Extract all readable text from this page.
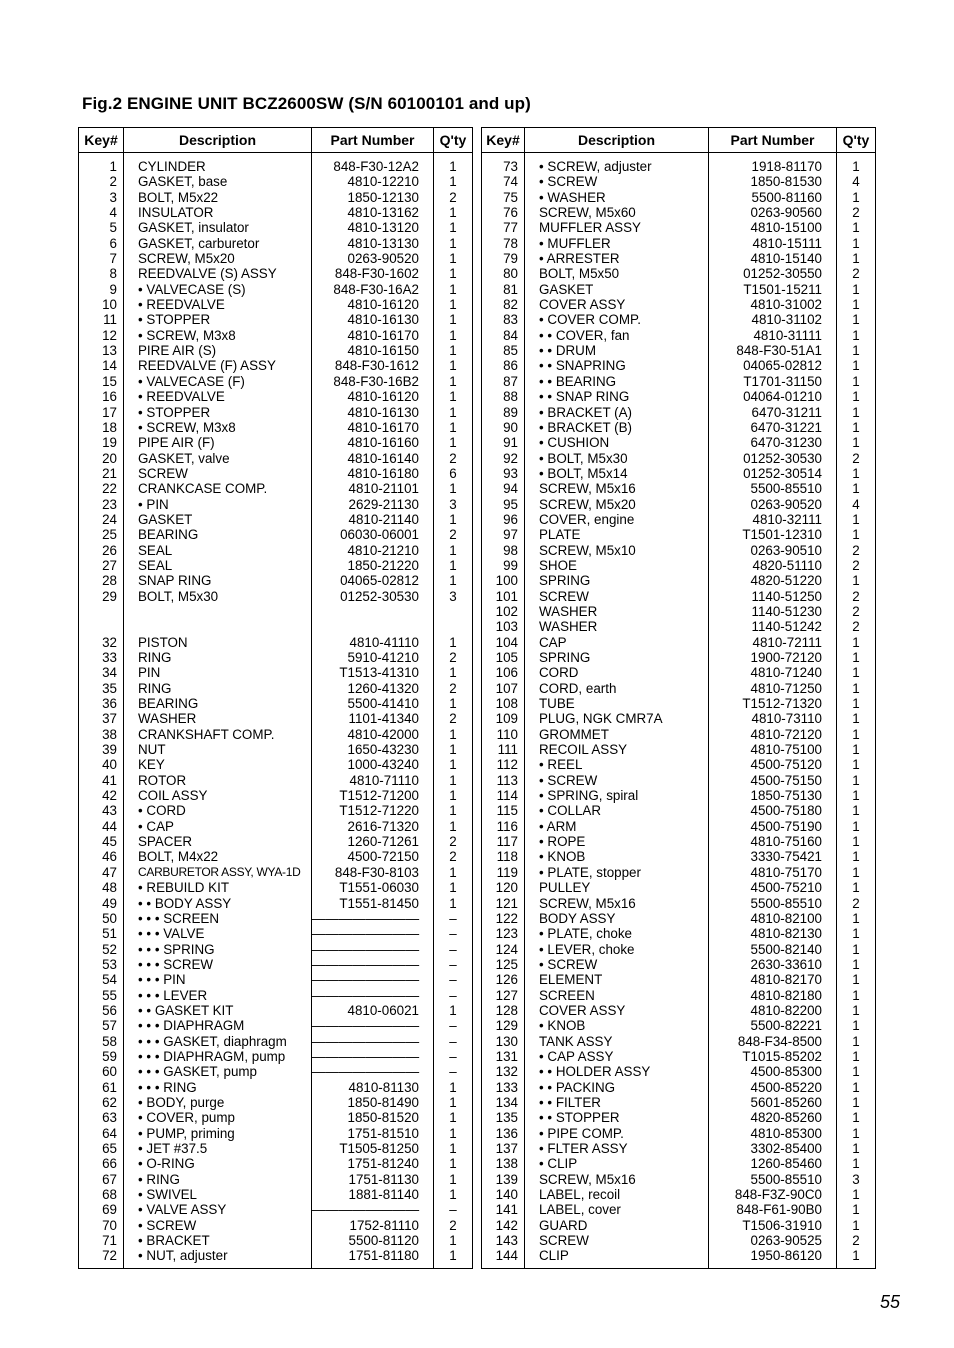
Fig.2 ENGINE UNIT BCZ2600SW (S/N 60100101 and up)
Key#	Description	Part Number	Q'ty
1	CYLINDER	848-F30-12A2	1
2	GASKET, base	4810-12210	1
3	BOLT, M5x22	1850-12130	2
4	INSULATOR	4810-13162	1
5	GASKET, insulator	4810-13120	1
6	GASKET, carburetor	4810-13130	1
7	SCREW, M5x20	0263-90520	1
8	REEDVALVE (S) ASSY	848-F30-1602	1
9	• VALVECASE (S)	848-F30-16A2	1
10	• REEDVALVE	4810-16120	1
11	• STOPPER	4810-16130	1
12	• SCREW, M3x8	4810-16170	1
13	PIRE AIR (S)	4810-16150	1
14	REEDVALVE (F) ASSY	848-F30-1612	1
15	• VALVECASE (F)	848-F30-16B2	1
16	• REEDVALVE	4810-16120	1
17	• STOPPER	4810-16130	1
18	• SCREW, M3x8	4810-16170	1
19	PIPE AIR (F)	4810-16160	1
20	GASKET, valve	4810-16140	2
21	SCREW	4810-16180	6
22	CRANKCASE COMP.	4810-21101	1
23	• PIN	2629-21130	3
24	GASKET	4810-21140	1
25	BEARING	06030-06001	2
26	SEAL	4810-21210	1
27	SEAL	1850-21220	1
28	SNAP RING	04065-02812	1
29	BOLT, M5x30	01252-30530	3

32	PISTON	4810-41110	1
33	RING	5910-41210	2
34	PIN	T1513-41310	1
35	RING	1260-41320	2
36	BEARING	5500-41410	1
37	WASHER	1101-41340	2
38	CRANKSHAFT COMP.	4810-42000	1
39	NUT	1650-43230	1
40	KEY	1000-43240	1
41	ROTOR	4810-71110	1
42	COIL ASSY	T1512-71200	1
43	• CORD	T1512-71220	1
44	• CAP	2616-71320	1
45	SPACER	1260-71261	2
46	BOLT, M4x22	4500-72150	2
47	CARBURETOR ASSY, WYA-1D	848-F30-8103	1
48	• REBUILD KIT	T1551-06030	1
49	• • BODY ASSY	T1551-81450	1
50	• • • SCREEN	————————	–
51	• • • VALVE	————————	–
52	• • • SPRING	————————	–
53	• • • SCREW	————————	–
54	• • • PIN	————————	–
55	• • • LEVER	————————	–
56	• • GASKET KIT	4810-06021	1
57	• • • DIAPHRAGM	————————	–
58	• • • GASKET, diaphragm	————————	–
59	• • • DIAPHRAGM, pump	————————	–
60	• • • GASKET, pump	————————	–
61	• • • RING	4810-81130	1
62	• BODY, purge	1850-81490	1
63	• COVER, pump	1850-81520	1
64	• PUMP, priming	1751-81510	1
65	• JET #37.5	T1505-81250	1
66	• O-RING	1751-81240	1
67	• RING	1751-81130	1
68	• SWIVEL	1881-81140	1
69	• VALVE ASSY	————————	–
70	• SCREW	1752-81110	2
71	• BRACKET	5500-81120	1
72	• NUT, adjuster	1751-81180	1
Key#	Description	Part Number	Q'ty
73	• SCREW, adjuster	1918-81170	1
74	• SCREW	1850-81530	4
75	• WASHER	5500-81160	1
76	SCREW, M5x60	0263-90560	2
77	MUFFLER ASSY	4810-15100	1
78	• MUFFLER	4810-15111	1
79	• ARRESTER	4810-15140	1
80	BOLT, M5x50	01252-30550	2
81	GASKET	T1501-15211	1
82	COVER ASSY	4810-31002	1
83	• COVER COMP.	4810-31102	1
84	• • COVER, fan	4810-31111	1
85	• • DRUM	848-F30-51A1	1
86	• • SNAPRING	04065-02812	1
87	• • BEARING	T1701-31150	1
88	• • SNAP RING	04064-01210	1
89	• BRACKET (A)	6470-31211	1
90	• BRACKET (B)	6470-31221	1
91	• CUSHION	6470-31230	1
92	• BOLT, M5x30	01252-30530	2
93	• BOLT, M5x14	01252-30514	1
94	SCREW, M5x16	5500-85510	1
95	SCREW, M5x20	0263-90520	4
96	COVER, engine	4810-32111	1
97	PLATE	T1501-12310	1
98	SCREW, M5x10	0263-90510	2
99	SHOE	4820-51110	2
100	SPRING	4820-51220	1
101	SCREW	1140-51250	2
102	WASHER	1140-51230	2
103	WASHER	1140-51242	2
104	CAP	4810-72111	1
105	SPRING	1900-72120	1
106	CORD	4810-71240	1
107	CORD, earth	4810-71250	1
108	TUBE	T1512-71320	1
109	PLUG, NGK CMR7A	4810-73110	1
110	GROMMET	4810-72120	1
111	RECOIL ASSY	4810-75100	1
112	• REEL	4500-75120	1
113	• SCREW	4500-75150	1
114	• SPRING, spiral	1850-75130	1
115	• COLLAR	4500-75180	1
116	• ARM	4500-75190	1
117	• ROPE	4810-75160	1
118	• KNOB	3330-75421	1
119	• PLATE, stopper	4810-75170	1
120	PULLEY	4500-75210	1
121	SCREW, M5x16	5500-85510	2
122	BODY ASSY	4810-82100	1
123	• PLATE, choke	4810-82130	1
124	• LEVER, choke	5500-82140	1
125	• SCREW	2630-33610	1
126	ELEMENT	4810-82170	1
127	SCREEN	4810-82180	1
128	COVER ASSY	4810-82200	1
129	• KNOB	5500-82221	1
130	TANK ASSY	848-F34-8500	1
131	• CAP ASSY	T1015-85202	1
132	• • HOLDER ASSY	4500-85300	1
133	• • PACKING	4500-85220	1
134	• • FILTER	5601-85260	1
135	• • STOPPER	4820-85260	1
136	• PIPE COMP.	4810-85300	1
137	• FLTER ASSY	3302-85400	1
138	• CLIP	1260-85460	1
139	SCREW, M5x16	5500-85510	3
140	LABEL, recoil	848-F3Z-90C0	1
141	LABEL, cover	848-F61-90B0	1
142	GUARD	T1506-31910	1
143	SCREW	0263-90525	2
144	CLIP	1950-86120	1
55
